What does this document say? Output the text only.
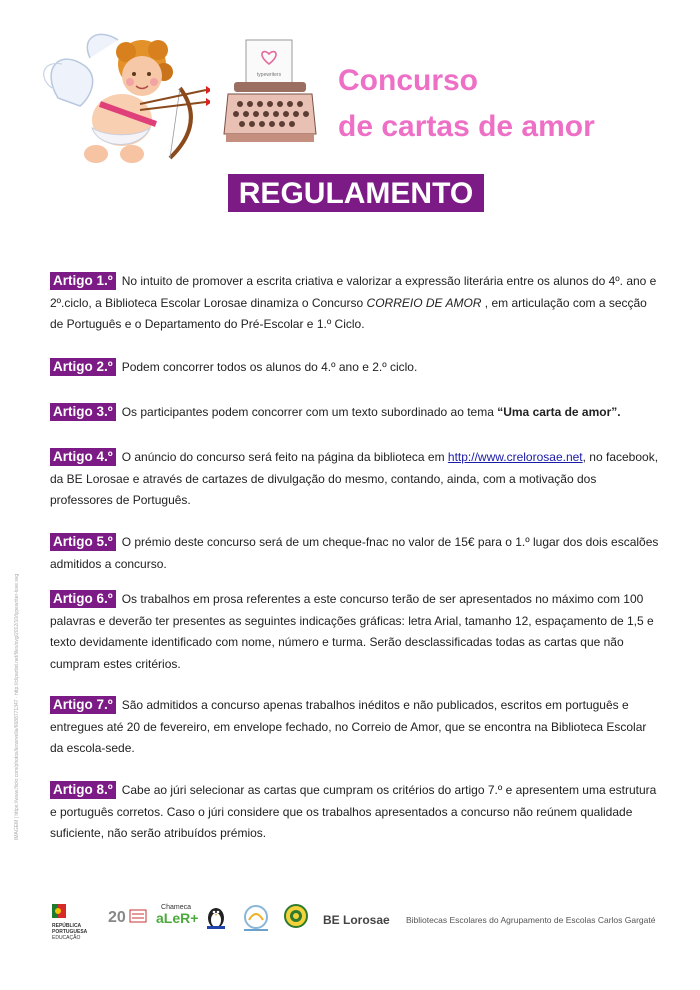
typewriters Concurso
de cartas de amor
REGULAMENTO
Artigo 1.º No intuito de promover a escrita criativa e valorizar a expressão literária entre os alunos do 4º. ano e 2º.ciclo, a Biblioteca Escolar Lorosae dinamiza o Concurso CORREIO DE AMOR , em articulação com a secção de Português e o Departamento do Pré-Escolar e 1.º Ciclo.
Artigo 2.º Podem concorrer todos os alunos do 4.º ano e 2.º ciclo.
Artigo 3.º Os participantes podem concorrer com um texto subordinado ao tema “Uma carta de amor”.
Artigo 4.º O anúncio do concurso será feito na página da biblioteca em http://www.crelorosae.net, no facebook, da BE Lorosae e através de cartazes de divulgação do mesmo, contando, ainda, com a motivação dos professores de Português.
Artigo 5.º O prémio deste concurso será de um cheque-fnac no valor de 15€ para o 1.º lugar dos dois escalões admitidos a concurso.
Artigo 6.º Os trabalhos em prosa referentes a este concurso terão de ser apresentados no máximo com 100 palavras e deverão ter presentes as seguintes indicações gráficas: letra Arial, tamanho 12, espaçamento de 1,5 e texto devidamente identificado com nome, número e turma. Serão desclassificadas todas as cartas que não cumpram estes critérios.
Artigo 7.º São admitidos a concurso apenas trabalhos inéditos e não publicados, escritos em português e entregues até 20 de fevereiro, em envelope fechado, no Correio de Amor, que se encontra na Biblioteca Escolar da escola-sede.
Artigo 8.º Cabe ao júri selecionar as cartas que cumpram os critérios do artigo 7.º e apresentem uma estrutura e português corretos. Caso o júri considere que os trabalhos apresentados a concurso não reúnem qualidade suficiente, não serão atribuídos prémios.
IMAGEM | https://www.flickr.com/photos/lenorvella/6688771347 · http://clipartist.net/files/svg/2012/10/typewriter-love.svg
REPÚBLICA PORTUGUESA
EDUCAÇÃO
20
Chameca
aLeR+	BE Lorosae Bibliotecas Escolares do Agrupamento de Escolas Carlos Gargaté
